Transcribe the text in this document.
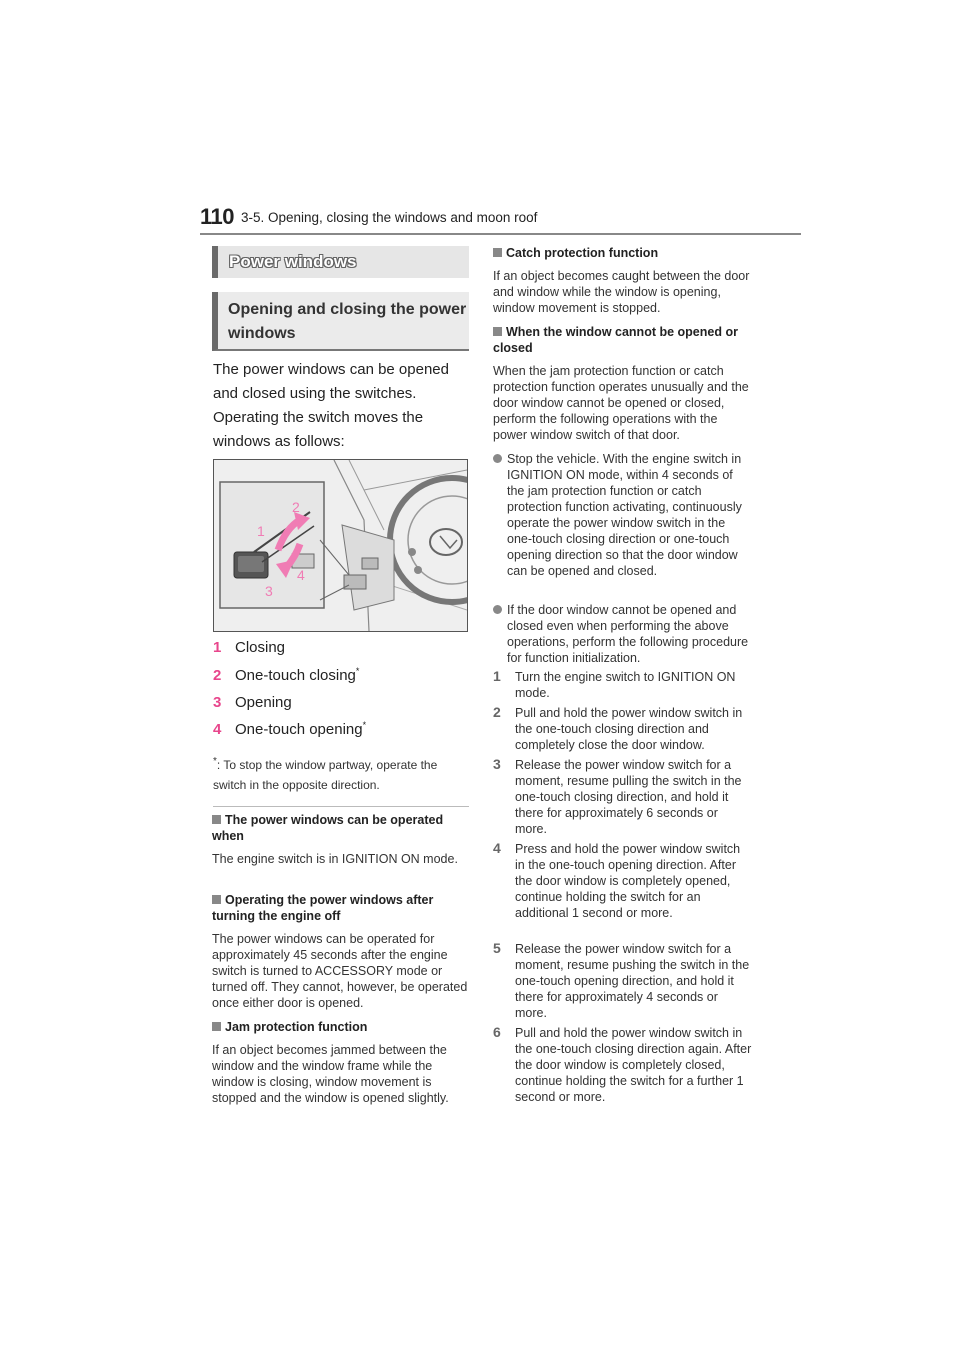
110 3-5. Opening, closing the windows and moon roof
Power windows
Opening and closing the power windows
The power windows can be opened and closed using the switches. Operating the switch moves the windows as follows:
1
2
3
4
1 Closing
2 One-touch closing*
3 Opening
4 One-touch opening*
*: To stop the window partway, operate the switch in the opposite direction.
The power windows can be operated when
The engine switch is in IGNITION ON mode.
Operating the power windows after turning the engine off
The power windows can be operated for approximately 45 seconds after the engine switch is turned to ACCESSORY mode or turned off. They cannot, however, be operated once either door is opened.
Jam protection function
If an object becomes jammed between the window and the window frame while the window is closing, window movement is stopped and the window is opened slightly.
Catch protection function
If an object becomes caught between the door and window while the window is opening, window movement is stopped.
When the window cannot be opened or closed
When the jam protection function or catch protection function operates unusually and the door window cannot be opened or closed, perform the following operations with the power window switch of that door.
Stop the vehicle. With the engine switch in IGNITION ON mode, within 4 seconds of the jam protection function or catch protection function activating, continuously operate the power window switch in the one-touch closing direction or one-touch opening direction so that the door window can be opened and closed.
If the door window cannot be opened and closed even when performing the above operations, perform the following procedure for function initialization.
1	Turn the engine switch to IGNITION ON mode.
2	Pull and hold the power window switch in the one-touch closing direction and completely close the door window.
3	Release the power window switch for a moment, resume pulling the switch in the one-touch closing direction, and hold it there for approximately 6 seconds or more.
4	Press and hold the power window switch in the one-touch opening direction. After the door window is completely opened, continue holding the switch for an additional 1 second or more.
5	Release the power window switch for a moment, resume pushing the switch in the one-touch opening direction, and hold it there for approximately 4 seconds or more.
6	Pull and hold the power window switch in the one-touch closing direction again. After the door window is completely closed, continue holding the switch for a further 1 second or more.
